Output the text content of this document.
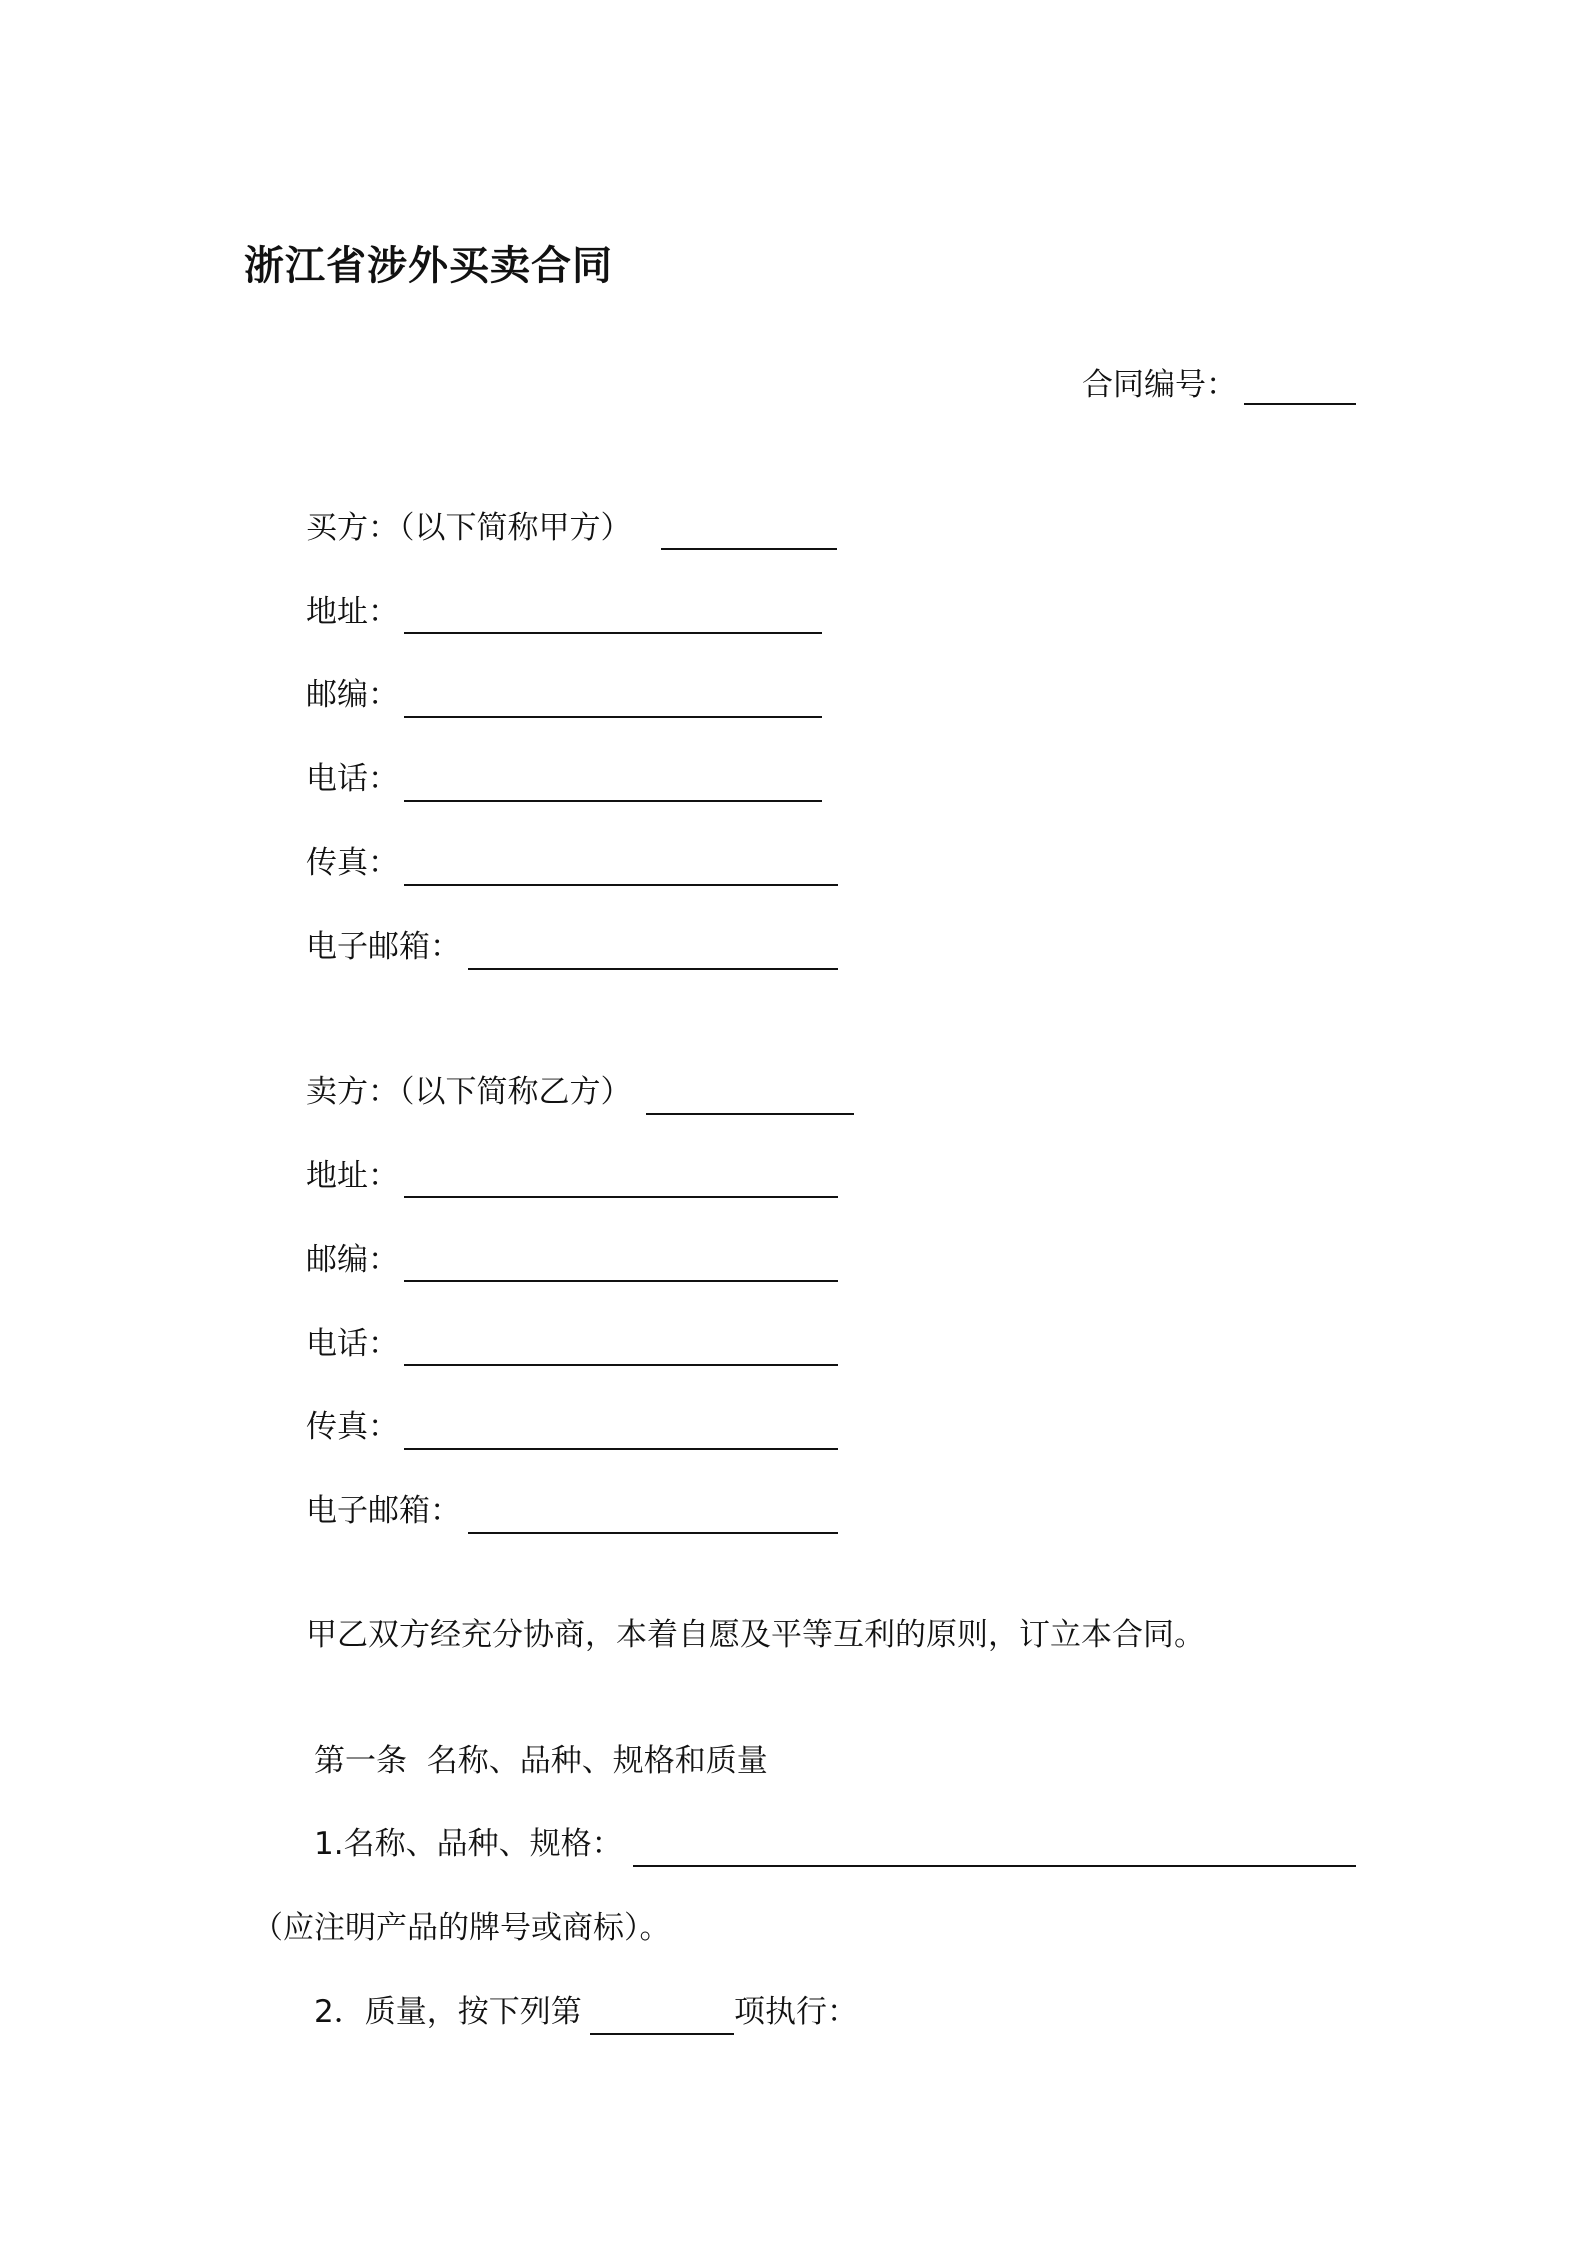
浙江省涉外买卖合同
合同编号：
买方：（以下简称甲方）
地址：
邮编：
电话：
传真：
电子邮箱：
卖方：（以下简称乙方）
地址：
邮编：
电话：
传真：
电子邮箱：
甲乙双方经充分协商，本着自愿及平等互利的原则，订立本合同。
第一条  名称、品种、规格和质量
1.名称、品种、规格：
（应注明产品的牌号或商标）。
2．质量，按下列第	项执行：
